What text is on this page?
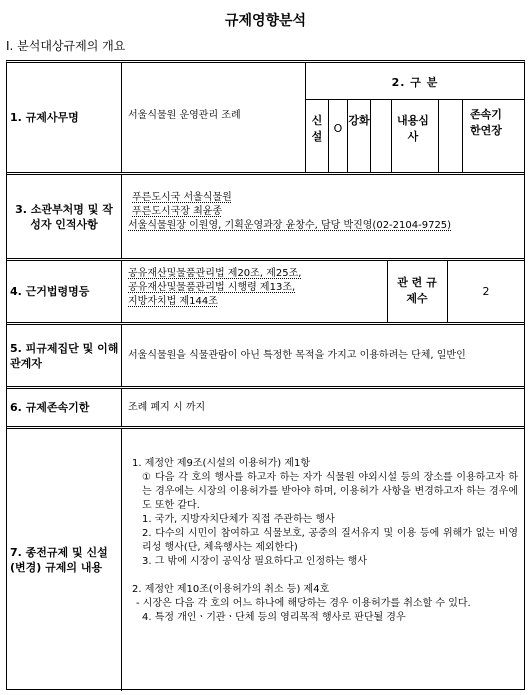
규제영향분석
Ⅰ. 분석대상규제의 개요
1. 규제사무명	서울식물원 운영관리 조례
2. 구 분
신설
O
강화 내용심사
존속기한연장
3. 소관부처명 및 작성자 인적사항
푸른도시국 서울식물원
푸른도시국장 최윤종
서울식물원장 이원영, 기획운영과장 윤창수, 담당 박진영(02-2104-9725)
4. 근거법령명등
공유재산및물품관리법 제20조, 제25조,
공유재산및물품관리법 시행령 제13조,
지방자치법 제144조
관 련 규제수
2
5. 피규제집단 및 이해관계자
서울식물원을 식물관람이 아닌 특정한 목적을 가지고 이용하려는 단체, 일반인
6. 규제존속기한	조례 폐지 시 까지
7. 종전규제 및 신설(변경) 규제의 내용

1. 제정안 제9조(시설의 이용허가) 제1항

① 다음 각 호의 행사를 하고자 하는 자가 식물원 야외시설 등의 장소를 이용하고자 하는 경우에는 시장의 이용허가를 받아야 하며, 이용허가 사항을 변경하고자 하는 경우에도 또한 같다.

1. 국가, 지방자치단체가 직접 주관하는 행사

2. 다수의 시민이 참여하고 식물보호, 공중의 질서유지 및 이용 등에 위해가 없는 비영리성 행사(단, 체육행사는 제외한다)

3. 그 밖에 시장이 공익상 필요하다고 인정하는 행사

2. 제정안 제10조(이용허가의 취소 등) 제4호

- 시장은 다음 각 호의 어느 하나에 해당하는 경우 이용허가를 취소할 수 있다.

4. 특정 개인ㆍ기관ㆍ단체 등의 영리목적 행사로 판단될 경우
